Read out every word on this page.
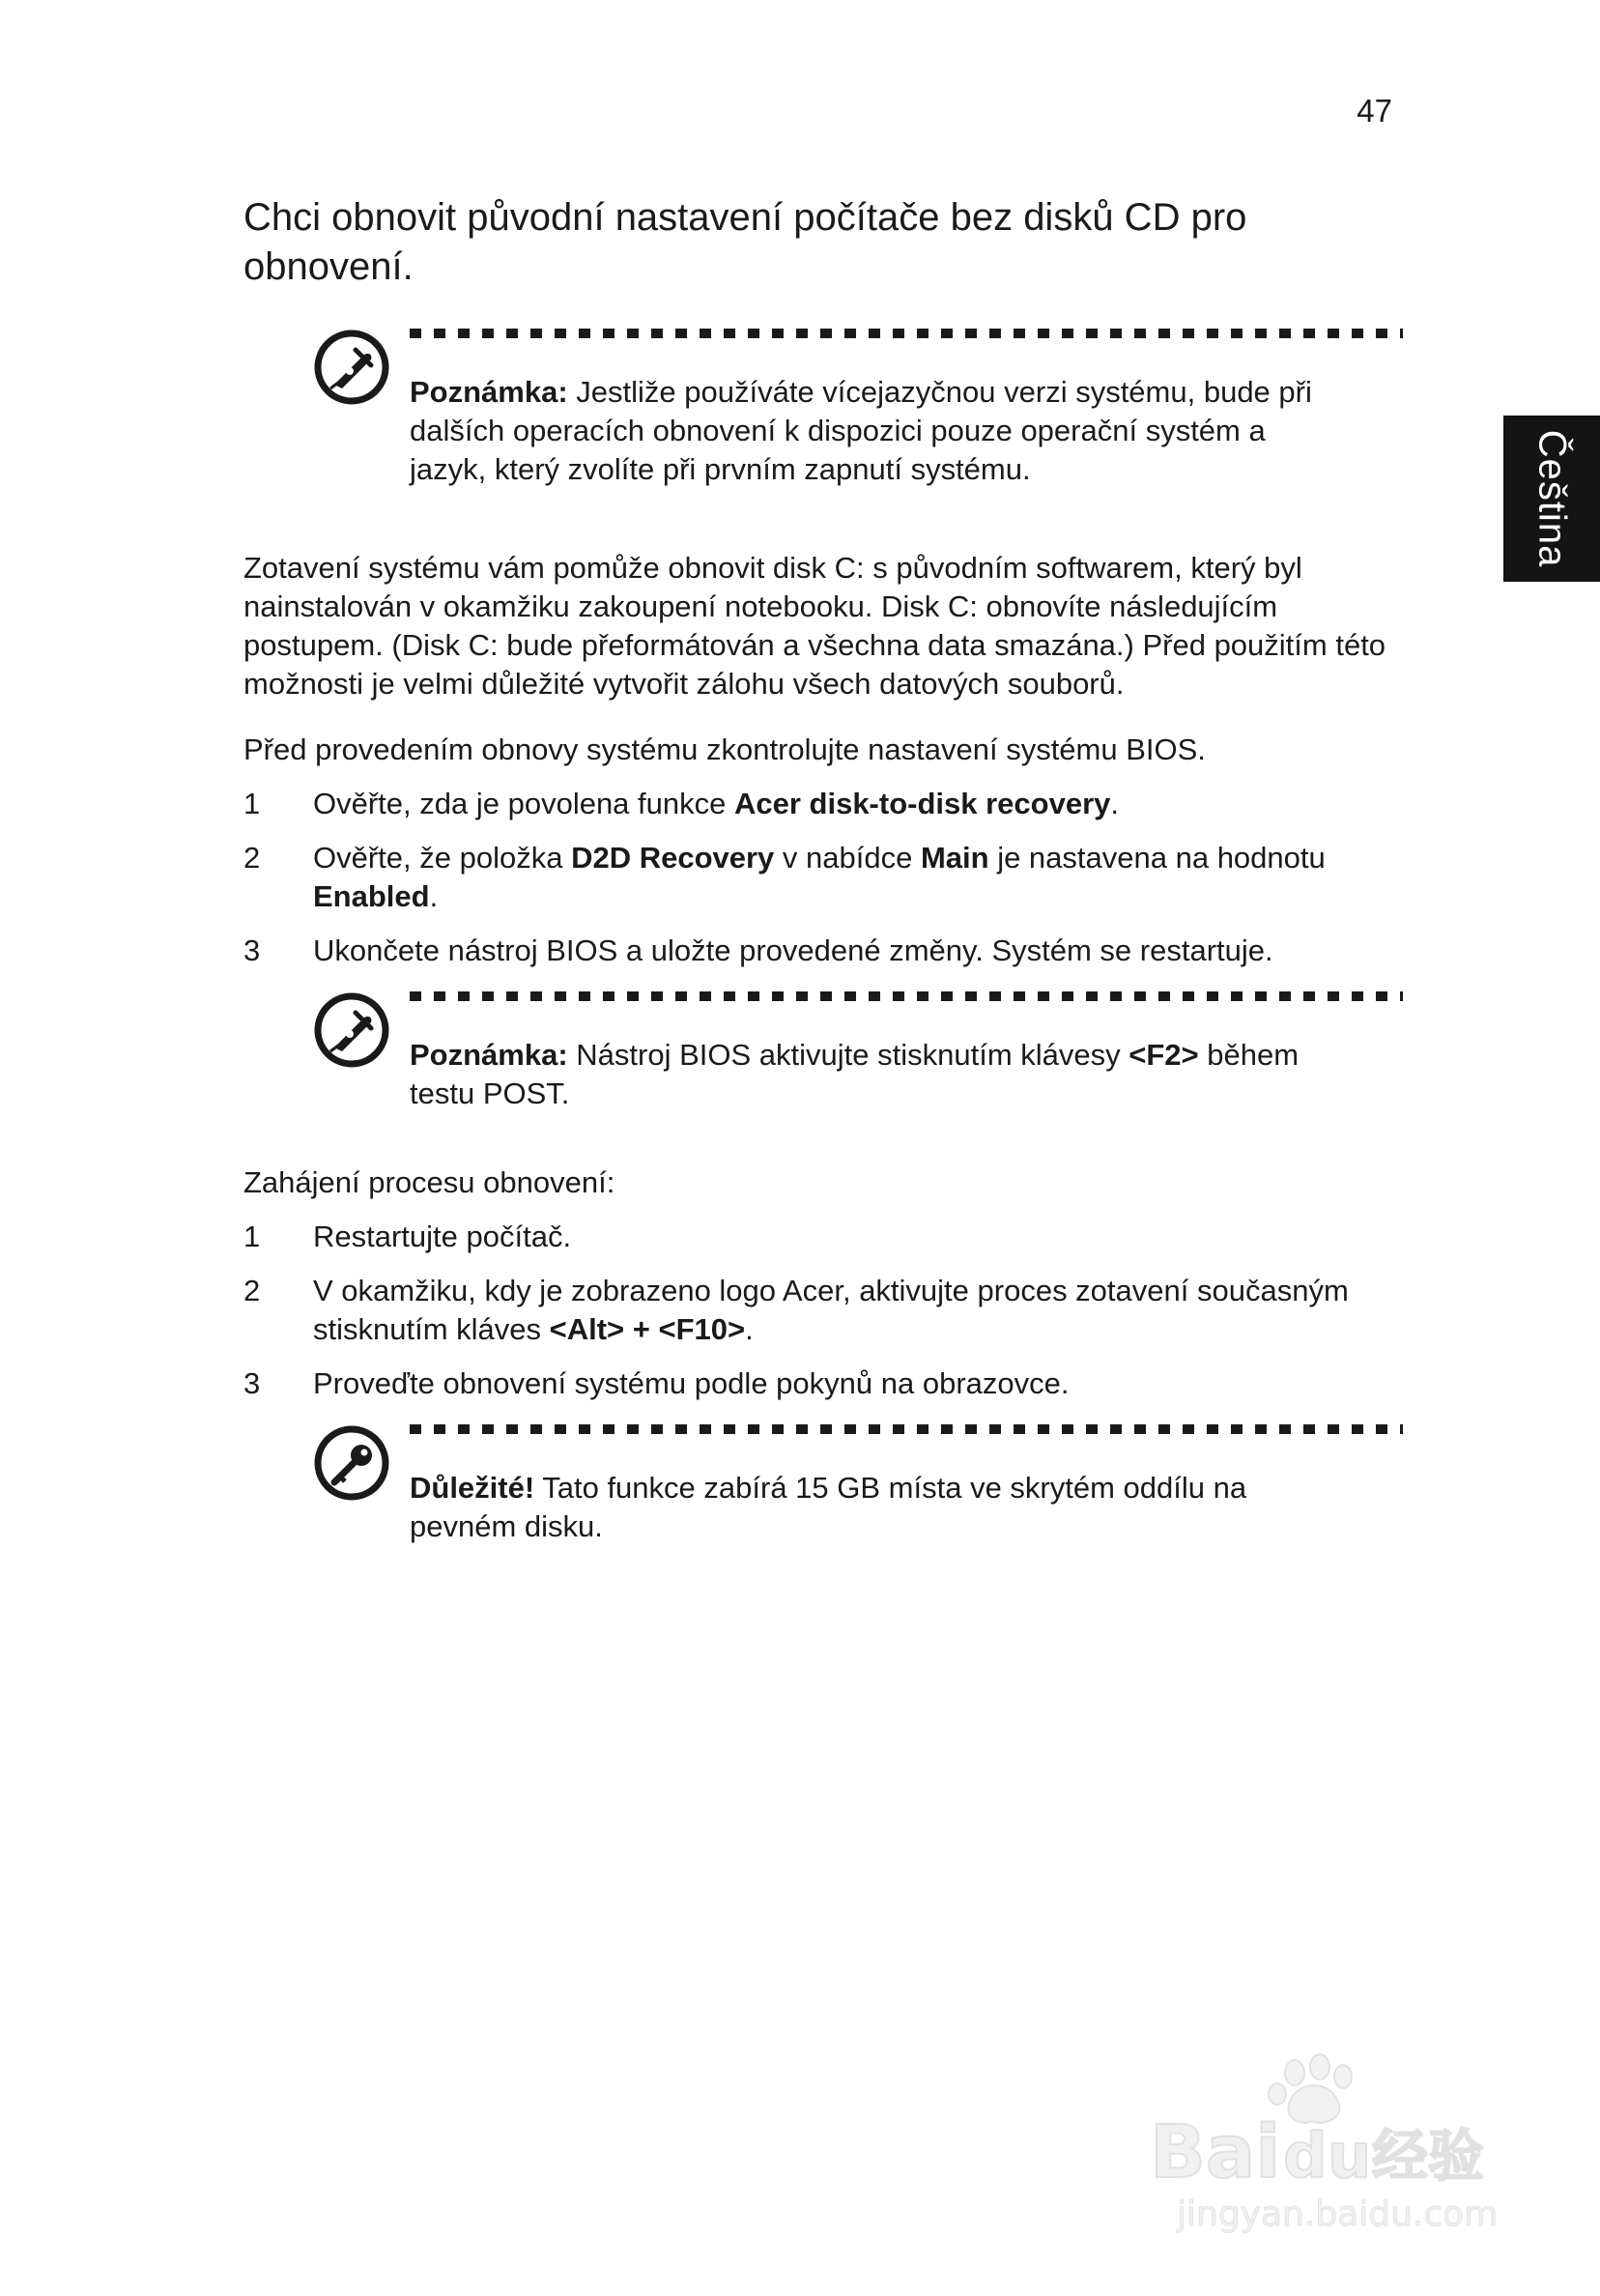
47
Čeština
Chci obnovit původní nastavení počítače bez disků CD pro obnovení.

Poznámka: Jestliže používáte vícejazyčnou verzi systému, bude při dalších operacích obnovení k dispozici pouze operační systém a jazyk, který zvolíte při prvním zapnutí systému.

Zotavení systému vám pomůže obnovit disk C: s původním softwarem, který byl nainstalován v okamžiku zakoupení notebooku. Disk C: obnovíte následujícím postupem. (Disk C: bude přeformátován a všechna data smazána.) Před použitím této možnosti je velmi důležité vytvořit zálohu všech datových souborů.

Před provedením obnovy systému zkontrolujte nastavení systému BIOS.

1 Ověřte, zda je povolena funkce Acer disk-to-disk recovery.
2 Ověřte, že položka D2D Recovery v nabídce Main je nastavena na hodnotu Enabled.
3 Ukončete nástroj BIOS a uložte provedené změny. Systém se restartuje.

Poznámka: Nástroj BIOS aktivujte stisknutím klávesy <F2> během testu POST.

Zahájení procesu obnovení:

1 Restartujte počítač.
2 V okamžiku, kdy je zobrazeno logo Acer, aktivujte proces zotavení současným stisknutím kláves <Alt> + <F10>.
3 Proveďte obnovení systému podle pokynů na obrazovce.

Důležité! Tato funkce zabírá 15 GB místa ve skrytém oddílu na pevném disku.

Bai du 经验
jingyan.baidu.com
